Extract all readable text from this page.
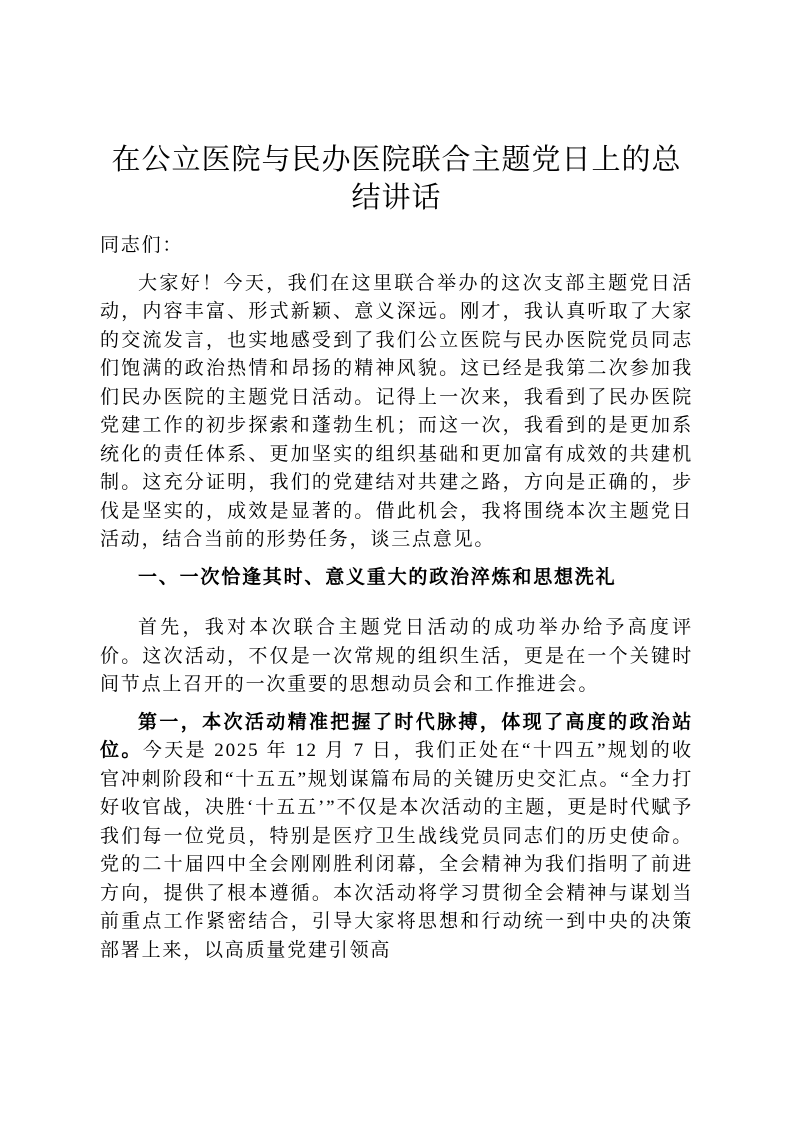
在公立医院与民办医院联合主题党日上的总结讲话

同志们：

大家好！今天，我们在这里联合举办的这次支部主题党日活动，内容丰富、形式新颖、意义深远。刚才，我认真听取了大家的交流发言，也实地感受到了我们公立医院与民办医院党员同志们饱满的政治热情和昂扬的精神风貌。这已经是我第二次参加我们民办医院的主题党日活动。记得上一次来，我看到了民办医院党建工作的初步探索和蓬勃生机；而这一次，我看到的是更加系统化的责任体系、更加坚实的组织基础和更加富有成效的共建机制。这充分证明，我们的党建结对共建之路，方向是正确的，步伐是坚实的，成效是显著的。借此机会，我将围绕本次主题党日活动，结合当前的形势任务，谈三点意见。

一、一次恰逢其时、意义重大的政治淬炼和思想洗礼

首先，我对本次联合主题党日活动的成功举办给予高度评价。这次活动，不仅是一次常规的组织生活，更是在一个关键时间节点上召开的一次重要的思想动员会和工作推进会。

第一，本次活动精准把握了时代脉搏，体现了高度的政治站位。今天是 2025 年 12 月 7 日，我们正处在“十四五”规划的收官冲刺阶段和“十五五”规划谋篇布局的关键历史交汇点。“全力打好收官战，决胜‘十五五’”不仅是本次活动的主题，更是时代赋予我们每一位党员，特别是医疗卫生战线党员同志们的历史使命。党的二十届四中全会刚刚胜利闭幕，全会精神为我们指明了前进方向，提供了根本遵循。本次活动将学习贯彻全会精神与谋划当前重点工作紧密结合，引导大家将思想和行动统一到中央的决策部署上来，以高质量党建引领高
